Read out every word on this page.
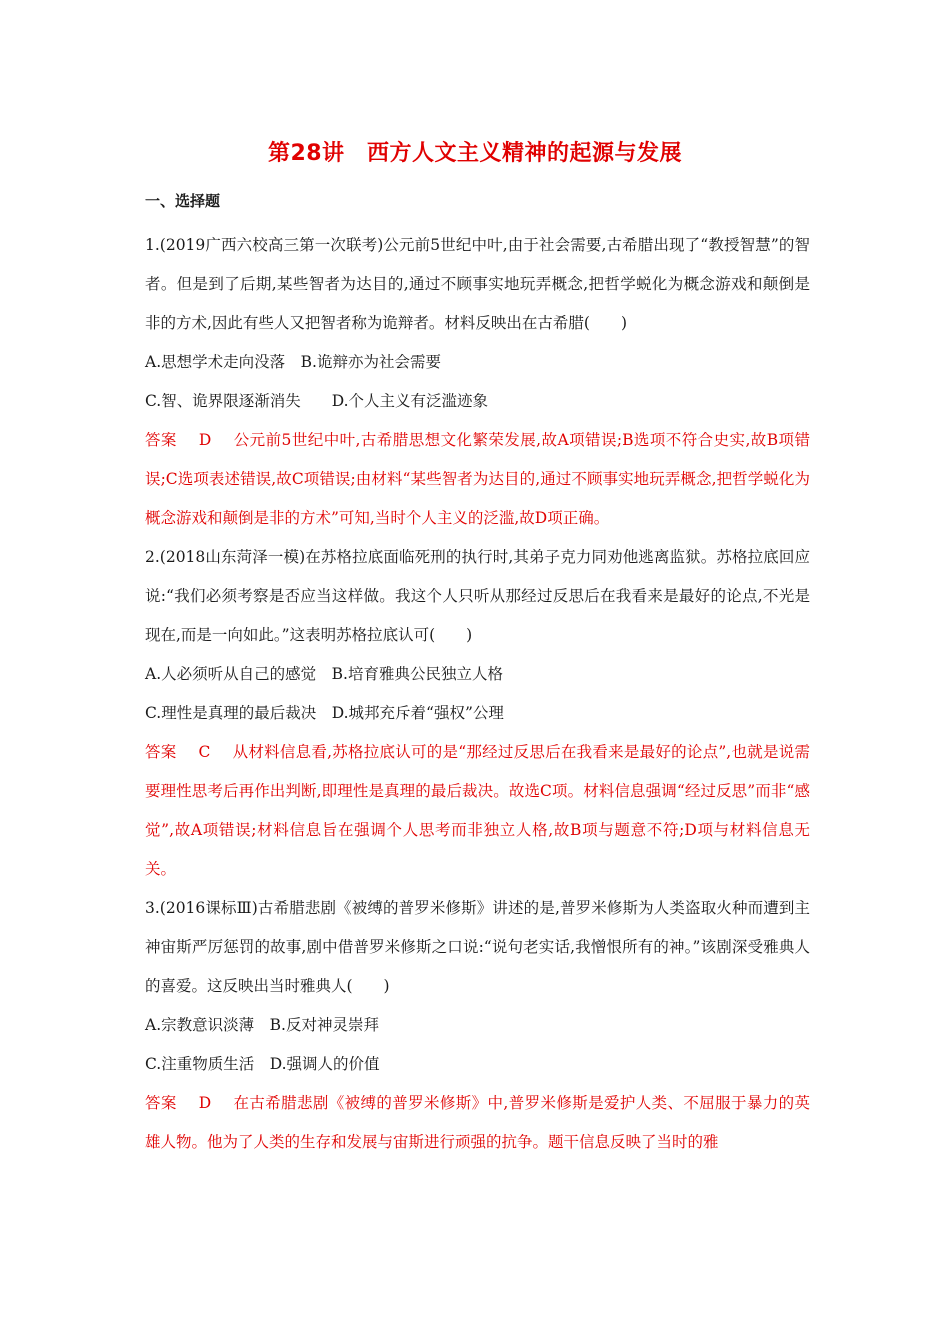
第28讲　西方人文主义精神的起源与发展
一、选择题

1.(2019广西六校高三第一次联考)公元前5世纪中叶,由于社会需要,古希腊出现了“教授智慧”的智者。但是到了后期,某些智者为达目的,通过不顾事实地玩弄概念,把哲学蜕化为概念游戏和颠倒是非的方术,因此有些人又把智者称为诡辩者。材料反映出在古希腊(　　)

A.思想学术走向没落　B.诡辩亦为社会需要

C.智、诡界限逐渐消失　　D.个人主义有泛滥迹象

答案 D 公元前5世纪中叶,古希腊思想文化繁荣发展,故A项错误;B选项不符合史实,故B项错误;C选项表述错误,故C项错误;由材料“某些智者为达目的,通过不顾事实地玩弄概念,把哲学蜕化为概念游戏和颠倒是非的方术”可知,当时个人主义的泛滥,故D项正确。

2.(2018山东菏泽一模)在苏格拉底面临死刑的执行时,其弟子克力同劝他逃离监狱。苏格拉底回应说:“我们必须考察是否应当这样做。我这个人只听从那经过反思后在我看来是最好的论点,不光是现在,而是一向如此。”这表明苏格拉底认可(　　)

A.人必须听从自己的感觉　B.培育雅典公民独立人格

C.理性是真理的最后裁决　D.城邦充斥着“强权”公理

答案 C 从材料信息看,苏格拉底认可的是“那经过反思后在我看来是最好的论点”,也就是说需要理性思考后再作出判断,即理性是真理的最后裁决。故选C项。材料信息强调“经过反思”而非“感觉”,故A项错误;材料信息旨在强调个人思考而非独立人格,故B项与题意不符;D项与材料信息无关。

3.(2016课标Ⅲ)古希腊悲剧《被缚的普罗米修斯》讲述的是,普罗米修斯为人类盗取火种而遭到主神宙斯严厉惩罚的故事,剧中借普罗米修斯之口说:“说句老实话,我憎恨所有的神。”该剧深受雅典人的喜爱。这反映出当时雅典人(　　)

A.宗教意识淡薄　B.反对神灵崇拜

C.注重物质生活　D.强调人的价值

答案 D 在古希腊悲剧《被缚的普罗米修斯》中,普罗米修斯是爱护人类、不屈服于暴力的英雄人物。他为了人类的生存和发展与宙斯进行顽强的抗争。题干信息反映了当时的雅
